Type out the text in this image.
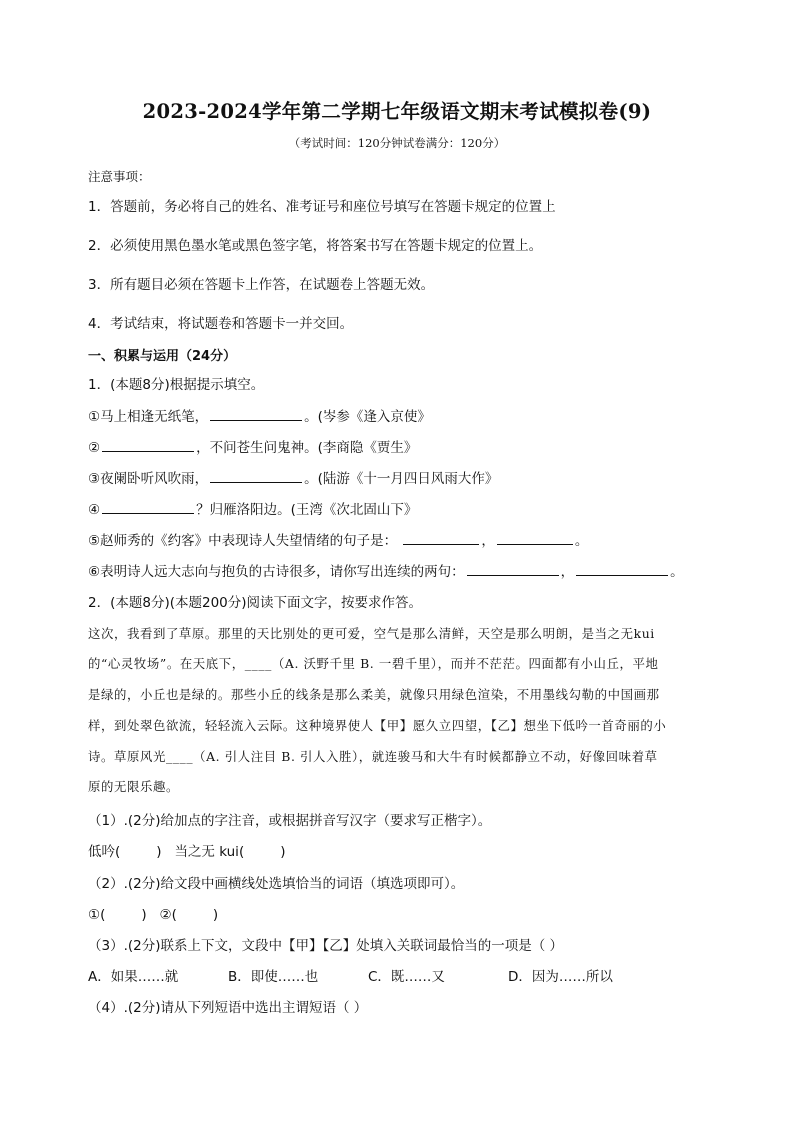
2023-2024学年第二学期七年级语文期末考试模拟卷(9)
（考试时间：120分钟试卷满分：120分）
注意事项：
1．答题前，务必将自己的姓名、准考证号和座位号填写在答题卡规定的位置上
2．必须使用黑色墨水笔或黑色签字笔，将答案书写在答题卡规定的位置上。
3．所有题目必须在答题卡上作答，在试题卷上答题无效。
4．考试结束，将试题卷和答题卡一并交回。
一、积累与运用（24分）
1．(本题8分)根据提示填空。
①马上相逢无纸笔，	。(岑参《逢入京使》
②	，不问苍生问鬼神。(李商隐《贾生》
③夜阑卧听风吹雨，	。(陆游《十一月四日风雨大作》
④	？归雁洛阳边。(王湾《次北固山下》
⑤赵师秀的《约客》中表现诗人失望情绪的句子是：	，	。
⑥表明诗人远大志向与抱负的古诗很多，请你写出连续的两句：	，	。
2．(本题8分)(本题200分)阅读下面文字，按要求作答。
这次，我看到了草原。那里的天比别处的更可爱，空气是那么清鲜，天空是那么明朗，是当之无kui
的“心灵牧场”。在天底下，____（A. 沃野千里 B. 一碧千里），而并不茫茫。四面都有小山丘，平地
是绿的，小丘也是绿的。那些小丘的线条是那么柔美，就像只用绿色渲染，不用墨线勾勒的中国画那
样，到处翠色欲流，轻轻流入云际。这种境界使人【甲】愿久立四望，【乙】想坐下低吟一首奇丽的小
诗。草原风光____（A. 引人注目 B. 引人入胜），就连骏马和大牛有时候都静立不动，好像回味着草
原的无限乐趣。
（1）.(2分)给加点的字注音，或根据拼音写汉字（要求写正楷字）。
低吟(	) 当之无 kui(	)
（2）.(2分)给文段中画横线处选填恰当的词语（填选项即可）。
①(	) ②(	)
（3）.(2分)联系上下文，文段中【甲】【乙】处填入关联词最恰当的一项是（ ）
A．如果……就	B．即使……也	C．既……又	D．因为……所以
（4）.(2分)请从下列短语中选出主谓短语（ ）
